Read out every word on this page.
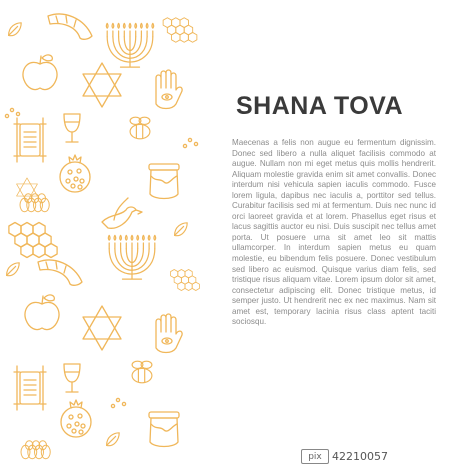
SHANA TOVA

Maecenas a felis non augue eu fermentum dignissim. Donec sed libero a nulla aliquet facilisis commodo at augue. Nullam non mi eget metus quis mollis hendrerit. Aliquam molestie gravida enim sit amet convallis. Donec interdum nisi vehicula sapien iaculis commodo. Fusce lorem ligula, dapibus nec iaculis a, porttitor sed tellus. Curabitur facilisis sed mi at fermentum. Duis nec nunc id orci laoreet gravida et at lorem. Phasellus eget risus et lacus sagittis auctor eu nisi. Duis suscipit nec tellus amet porta. Ut posuere urna sit amet leo sit mattis ullamcorper. In interdum sapien metus eu quam molestie, eu bibendum felis posuere. Donec vestibulum sed libero ac euismod. Quisque varius diam felis, sed tristique risus aliquam vitae. Lorem ipsum dolor sit amet, consectetur adipiscing elit. Donec tristique metus, id semper justo. Ut hendrerit nec ex nec maximus. Nam sit amet est, temporary lacinia risus class aptent taciti sociosqu.

pix 42210057
